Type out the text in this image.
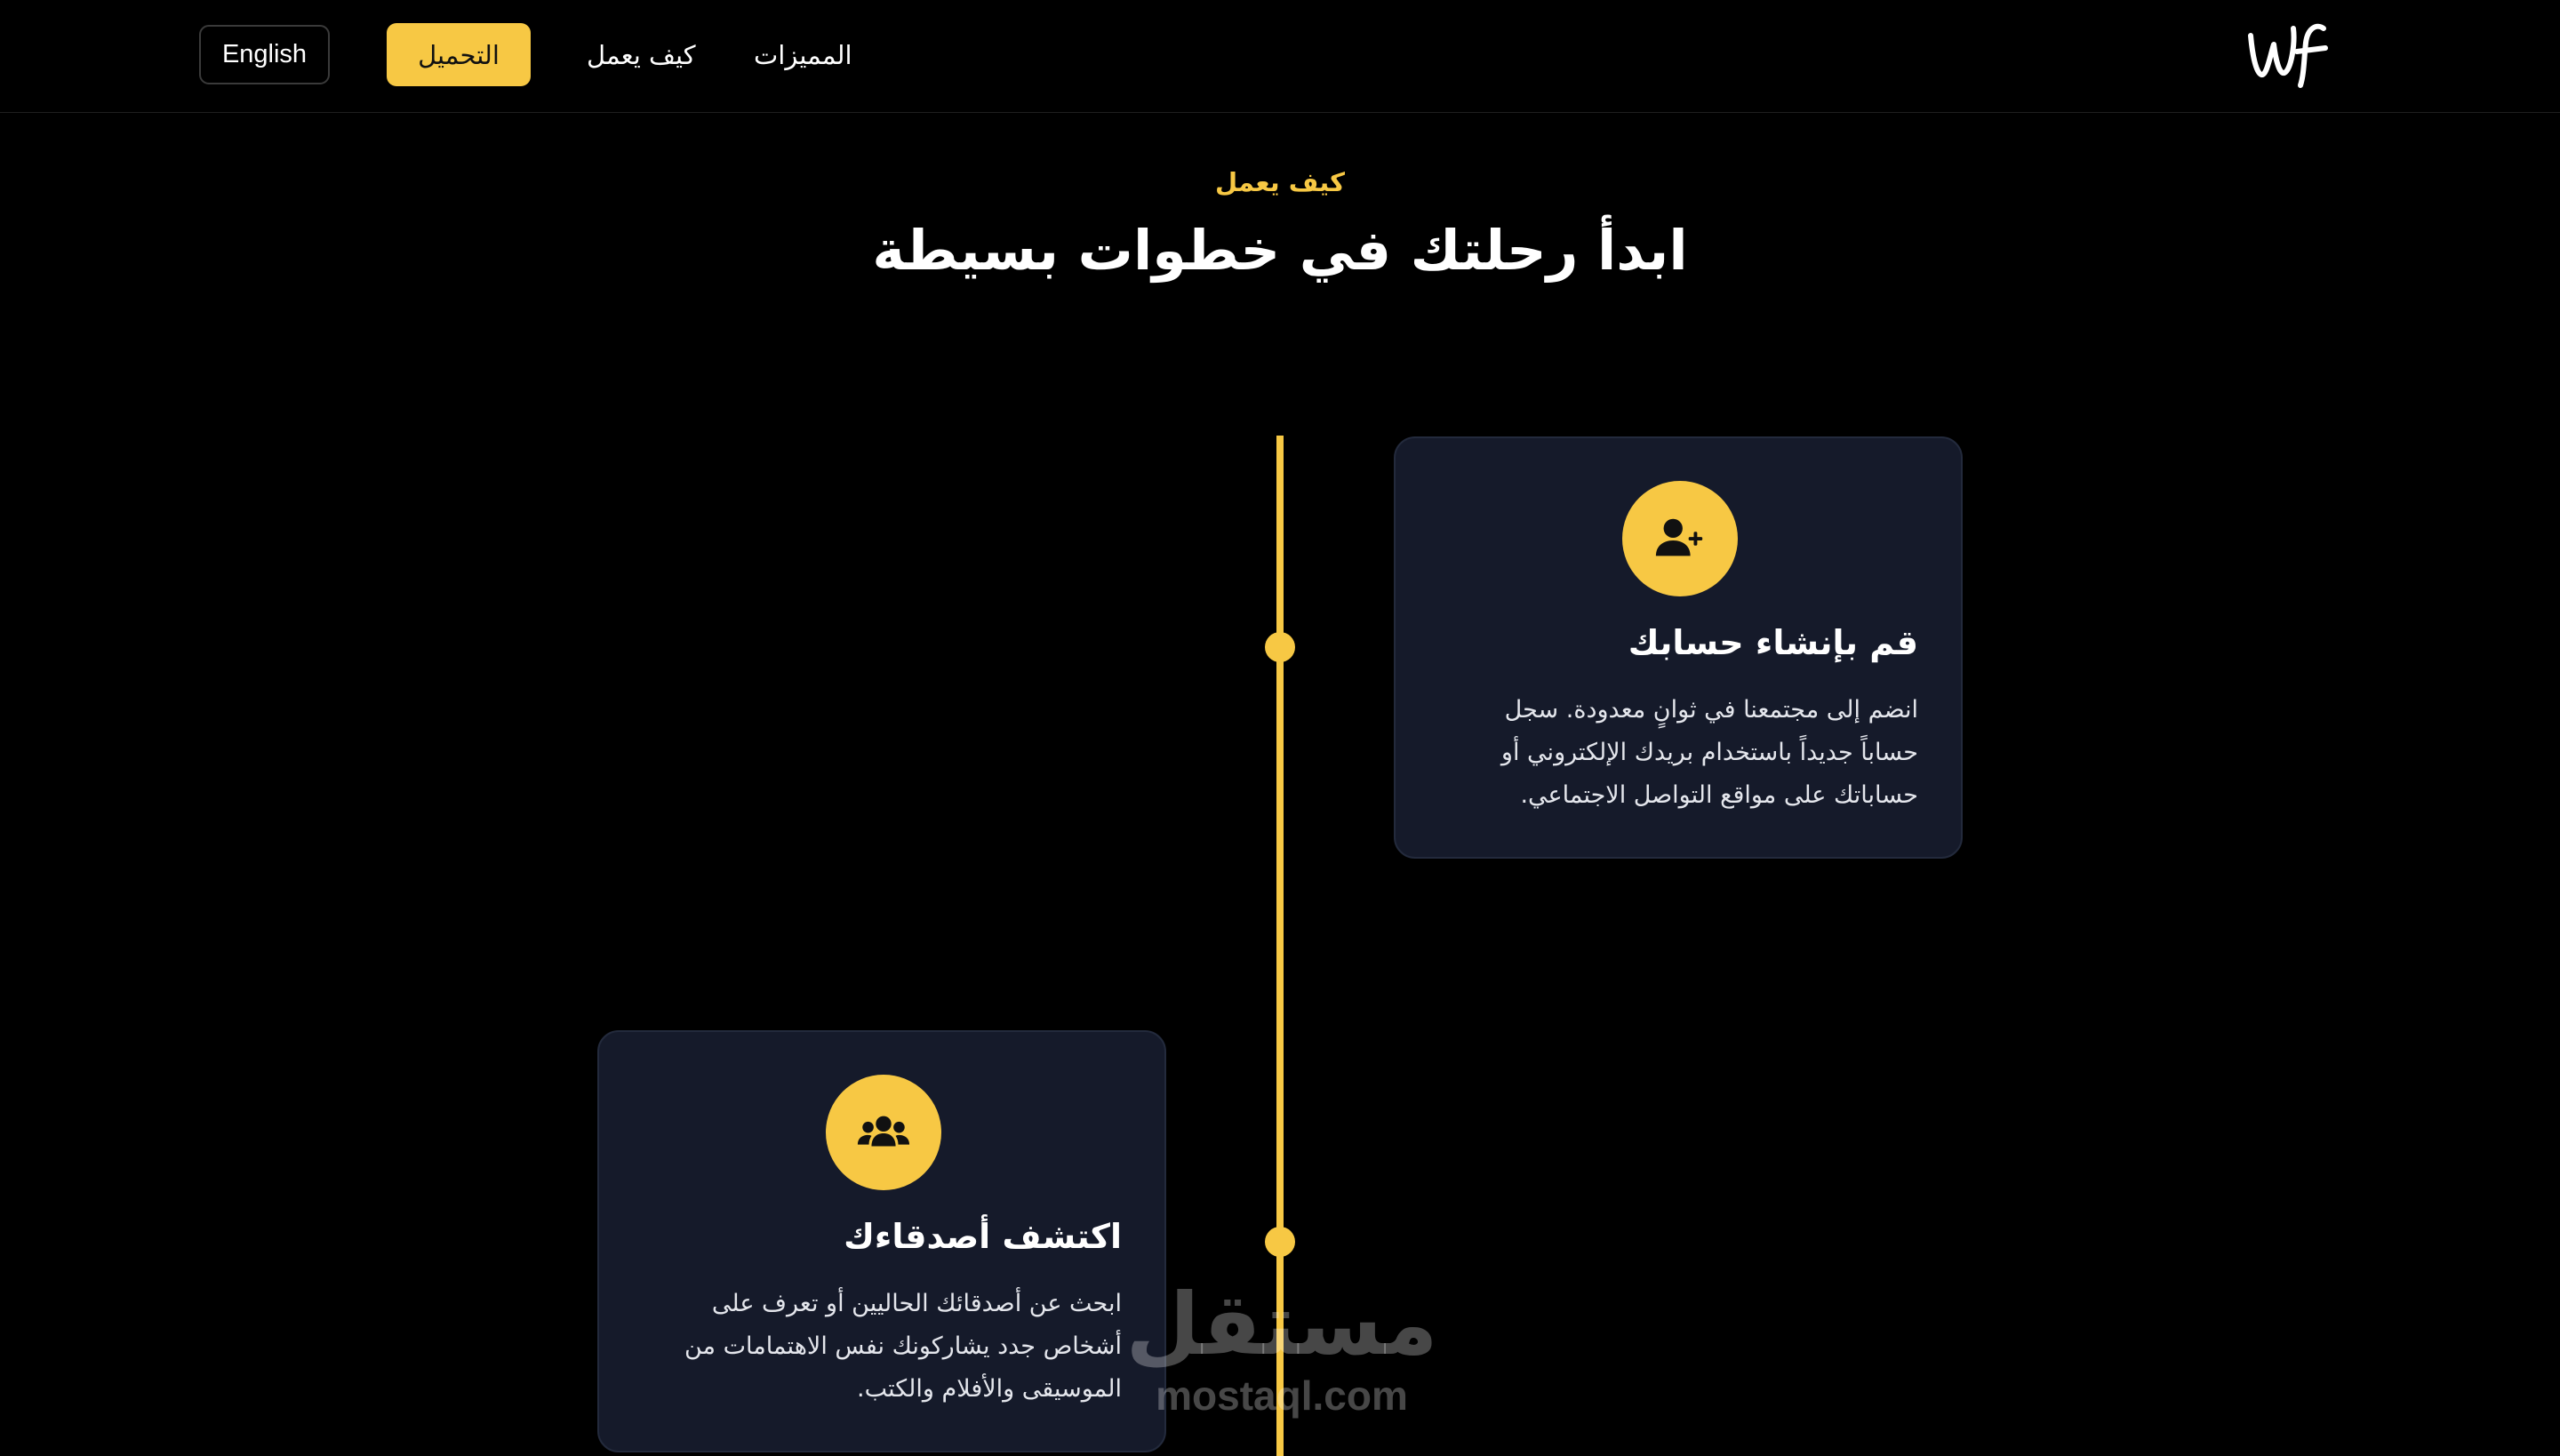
المميزات
كيف يعمل
التحميل
English
كيف يعمل
ابدأ رحلتك في خطوات بسيطة
قم بإنشاء حسابك

انضم إلى مجتمعنا في ثوانٍ معدودة. سجل حساباً جديداً باستخدام بريدك الإلكتروني أو حساباتك على مواقع التواصل الاجتماعي.

اكتشف أصدقاءك

ابحث عن أصدقائك الحاليين أو تعرف على أشخاص جدد يشاركونك نفس الاهتمامات من الموسيقى والأفلام والكتب.

مستقل
mostaql.com
